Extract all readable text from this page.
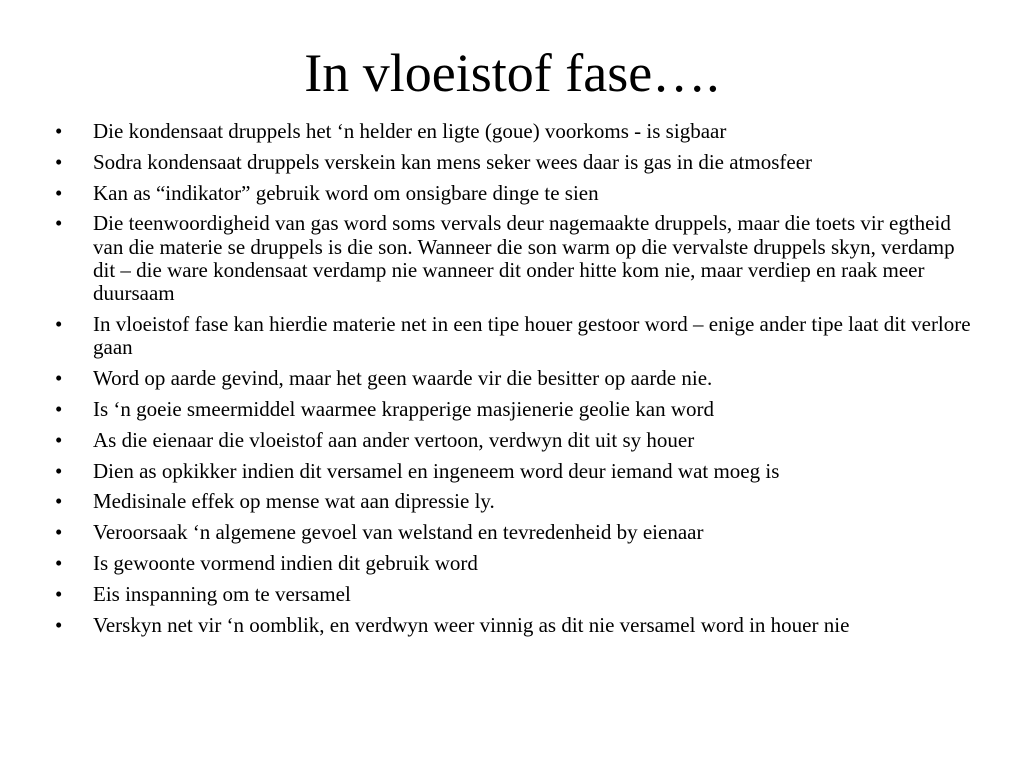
In vloeistof fase….
• Die kondensaat druppels het ‘n helder en ligte (goue) voorkoms - is sigbaar
• Sodra kondensaat druppels verskein kan mens seker wees daar is gas in die atmosfeer
• Kan as “indikator” gebruik word om onsigbare dinge te sien
• Die teenwoordigheid van gas word soms vervals deur nagemaakte druppels, maar die toets vir egtheid van die materie se druppels is die son. Wanneer die son warm op die vervalste druppels skyn, verdamp dit – die ware kondensaat verdamp nie wanneer dit onder hitte kom nie, maar verdiep en raak meer duursaam
• In vloeistof fase kan hierdie materie net in een tipe houer gestoor word – enige ander tipe laat dit verlore gaan
• Word op aarde gevind, maar het geen waarde vir die besitter op aarde nie.
• Is ‘n goeie smeermiddel waarmee krapperige masjienerie geolie kan word
• As die eienaar die vloeistof aan ander vertoon, verdwyn dit uit sy houer
• Dien as opkikker indien dit versamel en ingeneem word deur iemand wat moeg is
• Medisinale effek op mense wat aan dipressie ly.
• Veroorsaak ‘n algemene gevoel van welstand en tevredenheid by eienaar
• Is gewoonte vormend indien dit gebruik word
• Eis inspanning om te versamel
• Verskyn net vir ‘n oomblik, en verdwyn weer vinnig as dit nie versamel word in houer nie
